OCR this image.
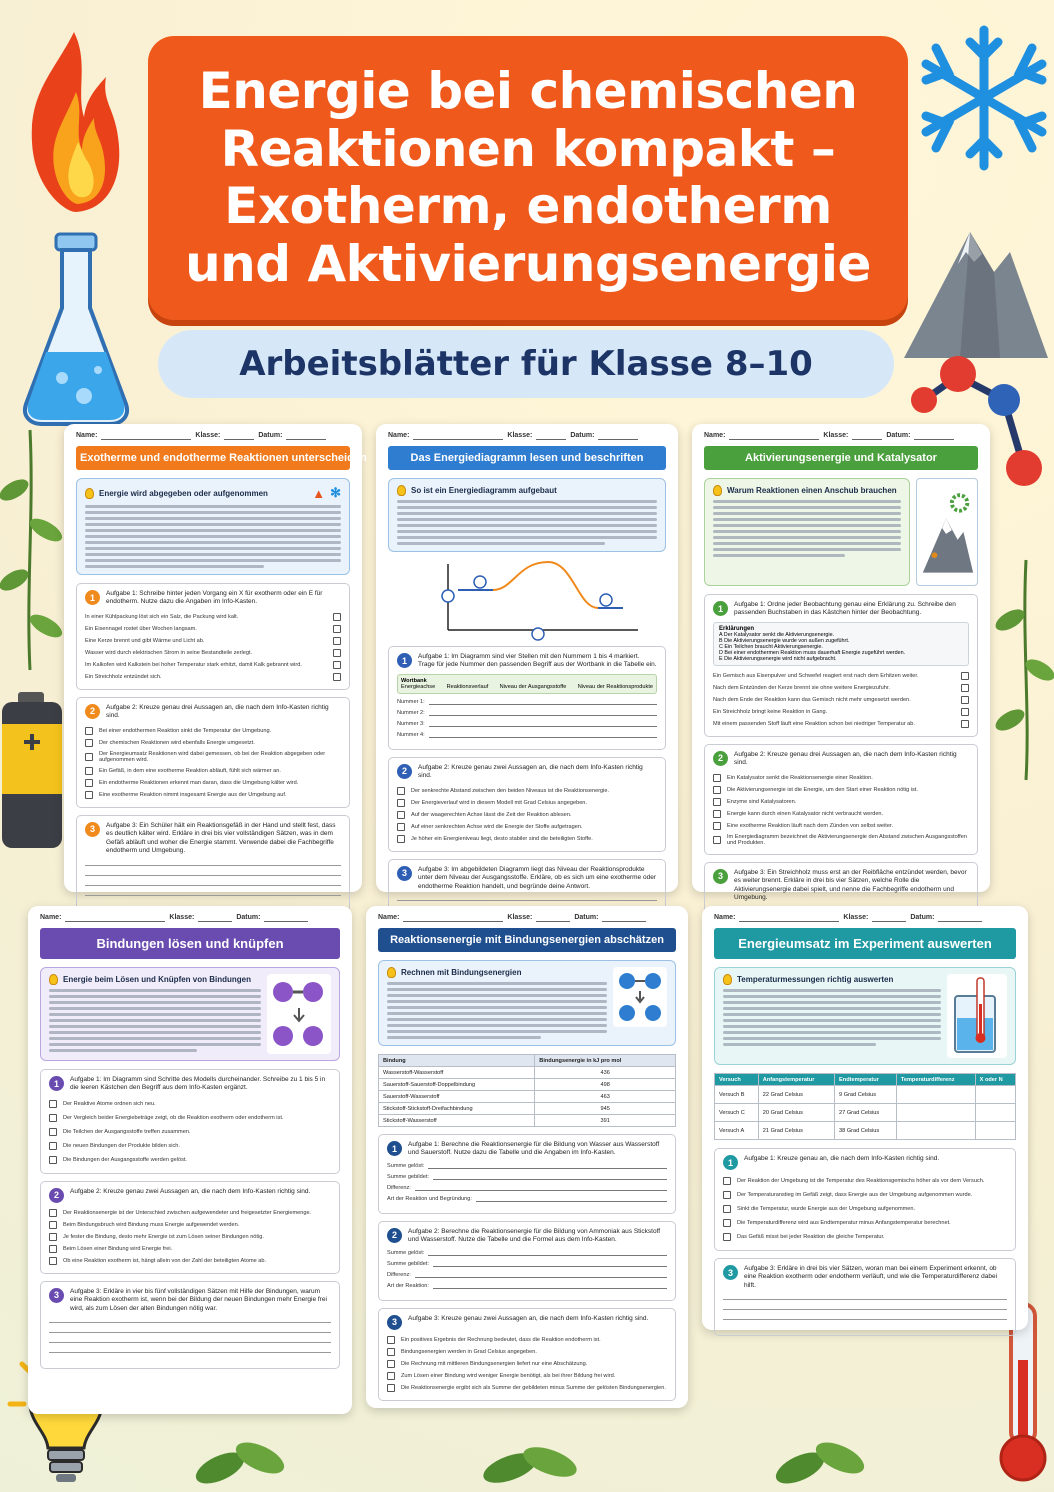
Energie bei chemischen Reaktionen kompakt – Exotherm, endotherm und Aktivierungsenergie
Arbeitsblätter für Klasse 8–10
Name:	Klasse:	Datum:
Exotherme und endotherme Reaktionen unterscheiden
Energie wird abgegeben oder aufgenommen	▲ ✻
1	Aufgabe 1: Schreibe hinter jeden Vorgang ein X für exotherm oder ein E für endotherm. Nutze dazu die Angaben im Info-Kasten.
In einer Kühlpackung löst sich ein Salz, die Packung wird kalt.
Ein Eisennagel rostet über Wochen langsam.
Eine Kerze brennt und gibt Wärme und Licht ab.
Wasser wird durch elektrischen Strom in seine Bestandteile zerlegt.
Im Kalkofen wird Kalkstein bei hoher Temperatur stark erhitzt, damit Kalk gebrannt wird.
Ein Streichholz entzündet sich.
2	Aufgabe 2: Kreuze genau drei Aussagen an, die nach dem Info-Kasten richtig sind.
Bei einer endothermen Reaktion sinkt die Temperatur der Umgebung.
Der chemischen Reaktionen wird ebenfalls Energie umgesetzt.
Der Energieumsatz Reaktionen wird dabei gemessen, ob bei der Reaktion abgegeben oder aufgenommen wird.
Ein Gefäß, in dem eine exotherme Reaktion abläuft, fühlt sich wärmer an.
Ein endotherme Reaktionen erkennt man daran, dass die Umgebung kälter wird.
Eine exotherme Reaktion nimmt insgesamt Energie aus der Umgebung auf.
3	Aufgabe 3: Ein Schüler hält ein Reaktionsgefäß in der Hand und stellt fest, dass es deutlich kälter wird. Erkläre in drei bis vier vollständigen Sätzen, was in dem Gefäß abläuft und woher die Energie stammt. Verwende dabei die Fachbegriffe endotherm und Umgebung.
Name:	Klasse:	Datum:
Das Energiediagramm lesen und beschriften
So ist ein Energiediagramm aufgebaut
1	Aufgabe 1: Im Diagramm sind vier Stellen mit den Nummern 1 bis 4 markiert. Trage für jede Nummer den passenden Begriff aus der Wortbank in die Tabelle ein.
Wortbank
Energieachse Reaktionsverlauf Niveau der Ausgangsstoffe Niveau der Reaktionsprodukte
Nummer 1:
Nummer 2:
Nummer 3:
Nummer 4:
2	Aufgabe 2: Kreuze genau zwei Aussagen an, die nach dem Info-Kasten richtig sind.
Der senkrechte Abstand zwischen den beiden Niveaus ist die Reaktionsenergie.
Der Energieverlauf wird in diesem Modell mit Grad Celsius angegeben.
Auf der waagerechten Achse lässt die Zeit der Reaktion ablesen.
Auf einer senkrechten Achse wird die Energie der Stoffe aufgetragen.
Je höher ein Energieniveau liegt, desto stabiler sind die beteiligten Stoffe.
3	Aufgabe 3: Im abgebildeten Diagramm liegt das Niveau der Reaktionsprodukte unter dem Niveau der Ausgangsstoffe. Erkläre, ob es sich um eine exotherme oder endotherme Reaktion handelt, und begründe deine Antwort.
Name:	Klasse:	Datum:
Aktivierungsenergie und Katalysator
Warum Reaktionen einen Anschub brauchen
1	Aufgabe 1: Ordne jeder Beobachtung genau eine Erklärung zu. Schreibe den passenden Buchstaben in das Kästchen hinter der Beobachtung.
Erklärungen
A Der Katalysator senkt die Aktivierungsenergie.
B Die Aktivierungsenergie wurde von außen zugeführt.
C Ein Teilchen braucht Aktivierungsenergie.
D Bei einer endothermen Reaktion muss dauerhaft Energie zugeführt werden.
E Die Aktivierungsenergie wird nicht aufgebracht.
Ein Gemisch aus Eisenpulver und Schwefel reagiert erst nach dem Erhitzen weiter.
Nach dem Entzünden der Kerze brennt sie ohne weitere Energiezufuhr.
Nach dem Ende der Reaktion kann das Gemisch nicht mehr umgesetzt werden.
Ein Streichholz bringt keine Reaktion in Gang.
Mit einem passenden Stoff läuft eine Reaktion schon bei niedriger Temperatur ab.
2	Aufgabe 2: Kreuze genau drei Aussagen an, die nach dem Info-Kasten richtig sind.
Ein Katalysator senkt die Reaktionsenergie einer Reaktion.
Die Aktivierungsenergie ist die Energie, um den Start einer Reaktion nötig ist.
Enzyme sind Katalysatoren.
Energie kann durch einen Katalysator nicht verbraucht werden.
Eine exotherme Reaktion läuft nach dem Zünden von selbst weiter.
Im Energiediagramm bezeichnet die Aktivierungsenergie den Abstand zwischen Ausgangsstoffen und Produkten.
3	Aufgabe 3: Ein Streichholz muss erst an der Reibfläche entzündet werden, bevor es weiter brennt. Erkläre in drei bis vier Sätzen, welche Rolle die Aktivierungsenergie dabei spielt, und nenne die Fachbegriffe endotherm und Umgebung.
Name:	Klasse:	Datum:
Bindungen lösen und knüpfen
Energie beim Lösen und Knüpfen von Bindungen
1	Aufgabe 1: Im Diagramm sind Schritte des Modells durcheinander. Schreibe zu 1 bis 5 in die leeren Kästchen den Begriff aus dem Info-Kasten ergänzt.
Der Reaktive Atome ordnen sich neu.
Der Vergleich beider Energiebeträge zeigt, ob die Reaktion exotherm oder endotherm ist.
Die Teilchen der Ausgangsstoffe treffen zusammen.
Die neuen Bindungen der Produkte bilden sich.
Die Bindungen der Ausgangsstoffe werden gelöst.
2	Aufgabe 2: Kreuze genau zwei Aussagen an, die nach dem Info-Kasten richtig sind.
Der Reaktionsenergie ist der Unterschied zwischen aufgewendeter und freigesetzter Energiemenge.
Beim Bindungsbruch wird Bindung muss Energie aufgewendet werden.
Je fester die Bindung, desto mehr Energie ist zum Lösen seiner Bindungen nötig.
Beim Lösen einer Bindung wird Energie frei.
Ob eine Reaktion exotherm ist, hängt allein von der Zahl der beteiligten Atome ab.
3	Aufgabe 3: Erkläre in vier bis fünf vollständigen Sätzen mit Hilfe der Bindungen, warum eine Reaktion exotherm ist, wenn bei der Bildung der neuen Bindungen mehr Energie frei wird, als zum Lösen der alten Bindungen nötig war.
Name:	Klasse:	Datum:
Reaktionsenergie mit Bindungsenergien abschätzen
Rechnen mit Bindungsenergien
Bindung	Bindungsenergie in kJ pro mol
Wasserstoff-Wasserstoff	436
Sauerstoff-Sauerstoff-Doppelbindung	498
Sauerstoff-Wasserstoff	463
Stickstoff-Stickstoff-Dreifachbindung	945
Stickstoff-Wasserstoff	391
1	Aufgabe 1: Berechne die Reaktionsenergie für die Bildung von Wasser aus Wasserstoff und Sauerstoff. Nutze dazu die Tabelle und die Angaben im Info-Kasten.
Summe gelöst:
Summe gebildet:
Differenz:
Art der Reaktion und Begründung:
2	Aufgabe 2: Berechne die Reaktionsenergie für die Bildung von Ammoniak aus Stickstoff und Wasserstoff. Nutze die Tabelle und die Formel aus dem Info-Kasten.
Summe gelöst:
Summe gebildet:
Differenz:
Art der Reaktion:
3	Aufgabe 3: Kreuze genau zwei Aussagen an, die nach dem Info-Kasten richtig sind.
Ein positives Ergebnis der Rechnung bedeutet, dass die Reaktion endotherm ist.
Bindungsenergien werden in Grad Celsius angegeben.
Die Rechnung mit mittleren Bindungsenergien liefert nur eine Abschätzung.
Zum Lösen einer Bindung wird weniger Energie benötigt, als bei ihrer Bildung frei wird.
Die Reaktionsenergie ergibt sich als Summe der gebildeten minus Summe der gelösten Bindungsenergien.
Name:	Klasse:	Datum:
Energieumsatz im Experiment auswerten
Temperaturmessungen richtig auswerten
Versuch	Anfangstemperatur	Endtemperatur	Temperaturdifferenz	X oder N
Versuch B	22 Grad Celsius	9 Grad Celsius		
Versuch C	20 Grad Celsius	27 Grad Celsius		
Versuch A	21 Grad Celsius	38 Grad Celsius		
1	Aufgabe 1: Kreuze genau an, die nach dem Info-Kasten richtig sind.
Der Reaktion der Umgebung ist die Temperatur des Reaktionsgemischs höher als vor dem Versuch.
Der Temperaturanstieg im Gefäß zeigt, dass Energie aus der Umgebung aufgenommen wurde.
Sinkt die Temperatur, wurde Energie aus der Umgebung aufgenommen.
Die Temperaturdifferenz wird aus Endtemperatur minus Anfangstemperatur berechnet.
Das Gefäß misst bei jeder Reaktion die gleiche Temperatur.
3	Aufgabe 3: Erkläre in drei bis vier Sätzen, woran man bei einem Experiment erkennt, ob eine Reaktion exotherm oder endotherm verläuft, und wie die Temperaturdifferenz dabei hilft.
